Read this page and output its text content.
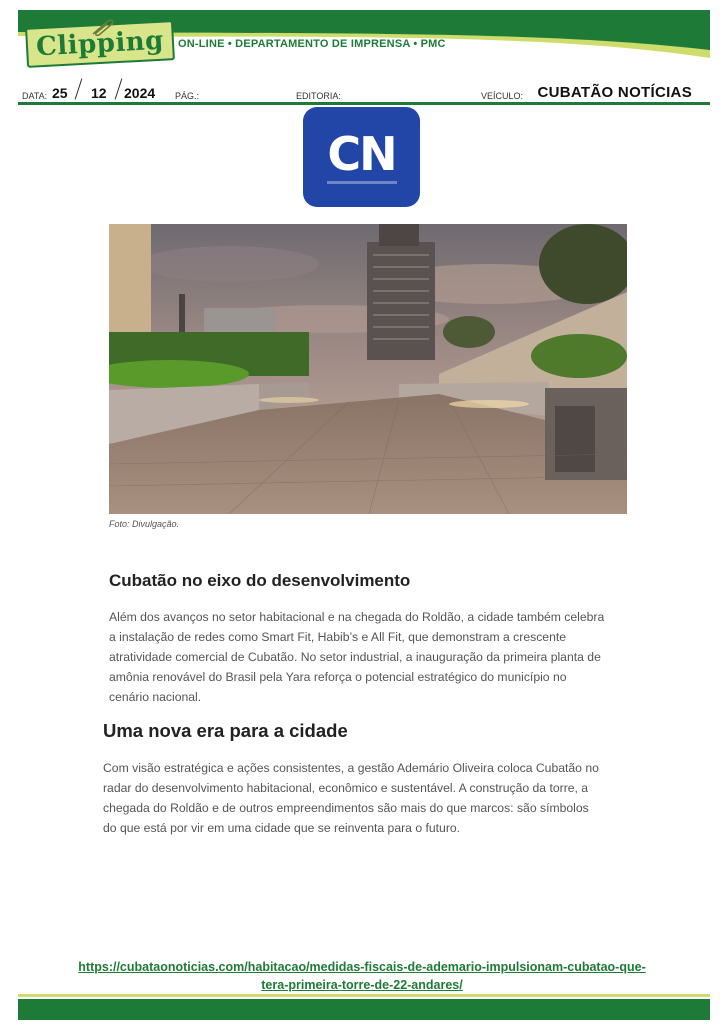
Clipping ON-LINE • DEPARTAMENTO DE IMPRENSA • PMC
DATA: 25 12 2024 PÁG.:	EDITORIA:	VEÍCULO: CUBATÃO NOTÍCIAS
CN
Foto: Divulgação.
Cubatão no eixo do desenvolvimento
Além dos avanços no setor habitacional e na chegada do Roldão, a cidade também celebra
a instalação de redes como Smart Fit, Habib’s e All Fit, que demonstram a crescente
atratividade comercial de Cubatão. No setor industrial, a inauguração da primeira planta de
amônia renovável do Brasil pela Yara reforça o potencial estratégico do município no
cenário nacional.
Uma nova era para a cidade
Com visão estratégica e ações consistentes, a gestão Ademário Oliveira coloca Cubatão no
radar do desenvolvimento habitacional, econômico e sustentável. A construção da torre, a
chegada do Roldão e de outros empreendimentos são mais do que marcos: são símbolos
do que está por vir em uma cidade que se reinventa para o futuro.
https://cubataonoticias.com/habitacao/medidas-fiscais-de-ademario-impulsionam-cubatao-que-
tera-primeira-torre-de-22-andares/
